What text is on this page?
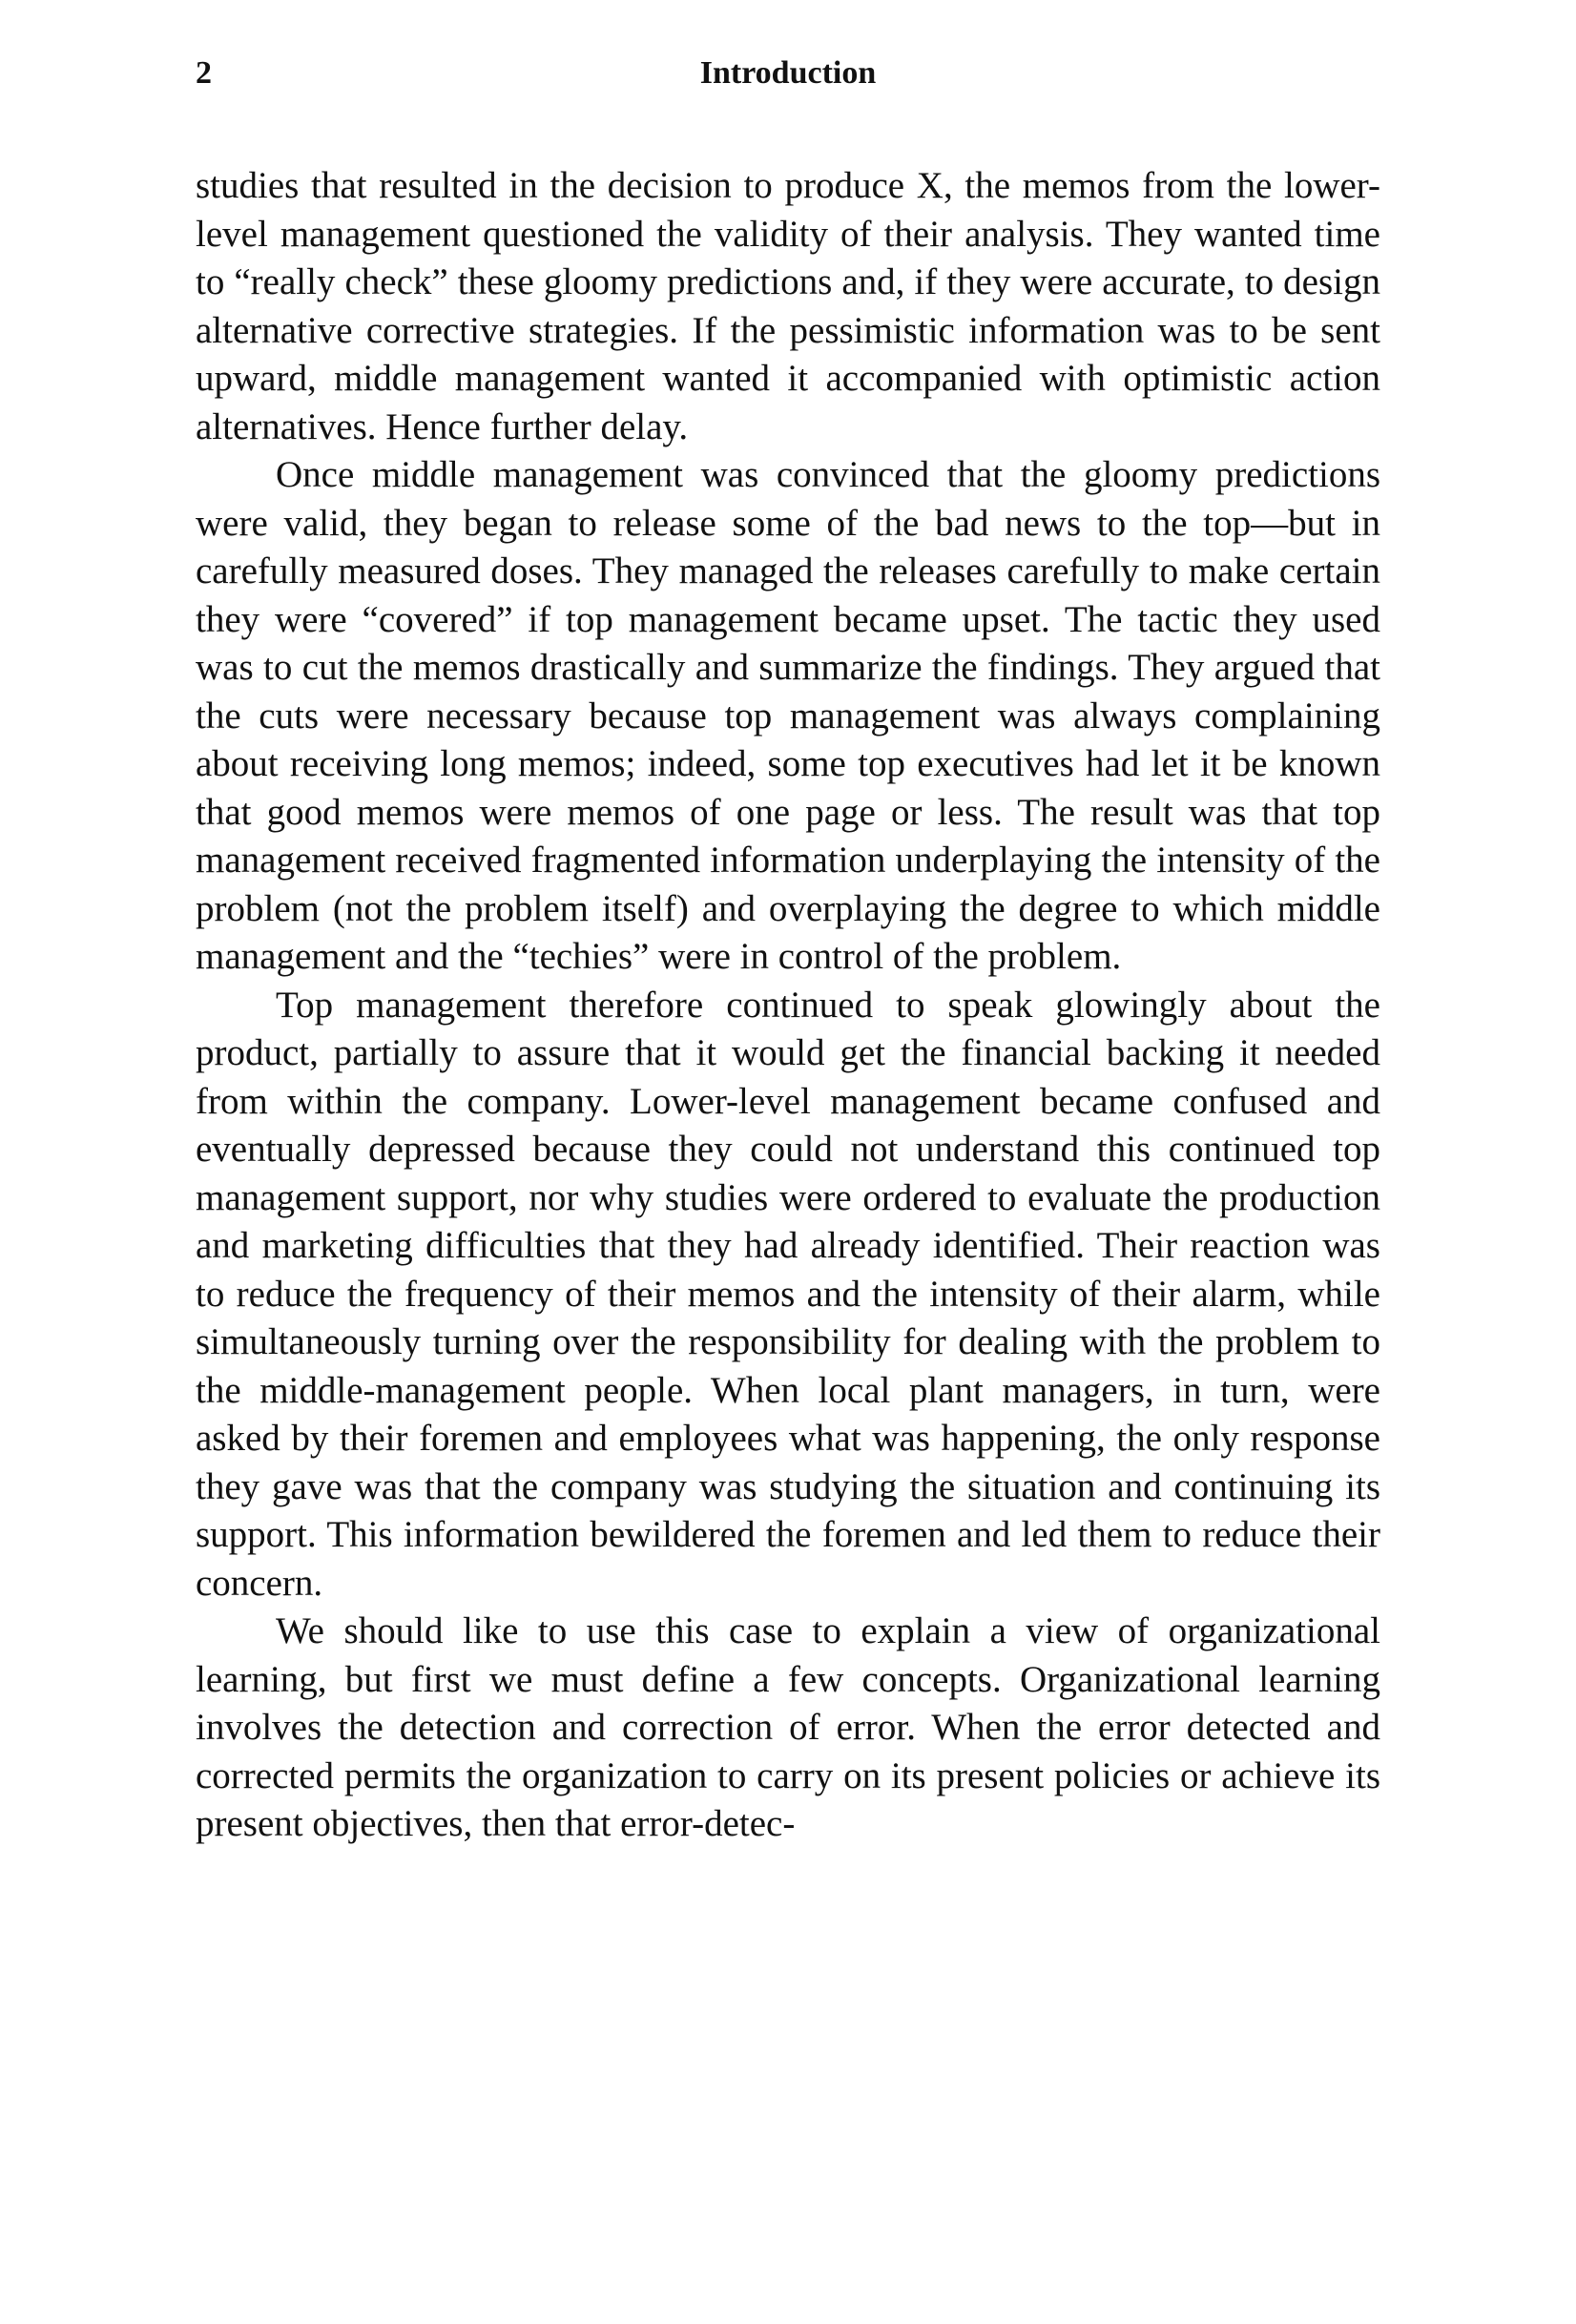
2	Introduction

studies that resulted in the decision to produce X, the memos from the lower-level management questioned the validity of their analysis. They wanted time to “really check” these gloomy predictions and, if they were accurate, to design alternative corrective strategies. If the pessimistic information was to be sent upward, middle management wanted it accompanied with optimistic action alternatives. Hence further delay.

Once middle management was convinced that the gloomy predictions were valid, they began to release some of the bad news to the top—but in carefully measured doses. They managed the releases carefully to make certain they were “covered” if top management became upset. The tactic they used was to cut the memos drastically and summarize the findings. They argued that the cuts were necessary because top management was always complaining about receiving long memos; indeed, some top executives had let it be known that good memos were memos of one page or less. The result was that top management received fragmented information underplaying the intensity of the problem (not the problem itself) and overplaying the degree to which middle management and the “techies” were in control of the problem.

Top management therefore continued to speak glowingly about the product, partially to assure that it would get the financial backing it needed from within the company. Lower-level management became confused and eventually depressed because they could not understand this continued top management support, nor why studies were ordered to evaluate the production and marketing difficulties that they had already identified. Their reaction was to reduce the frequency of their memos and the intensity of their alarm, while simultaneously turning over the responsibility for dealing with the problem to the middle-management people. When local plant managers, in turn, were asked by their foremen and employees what was happening, the only response they gave was that the company was studying the situation and continuing its support. This information bewildered the foremen and led them to reduce their concern.

We should like to use this case to explain a view of organizational learning, but first we must define a few concepts. Organizational learning involves the detection and correction of error. When the error detected and corrected permits the organization to carry on its present policies or achieve its present objectives, then that error-detec-
